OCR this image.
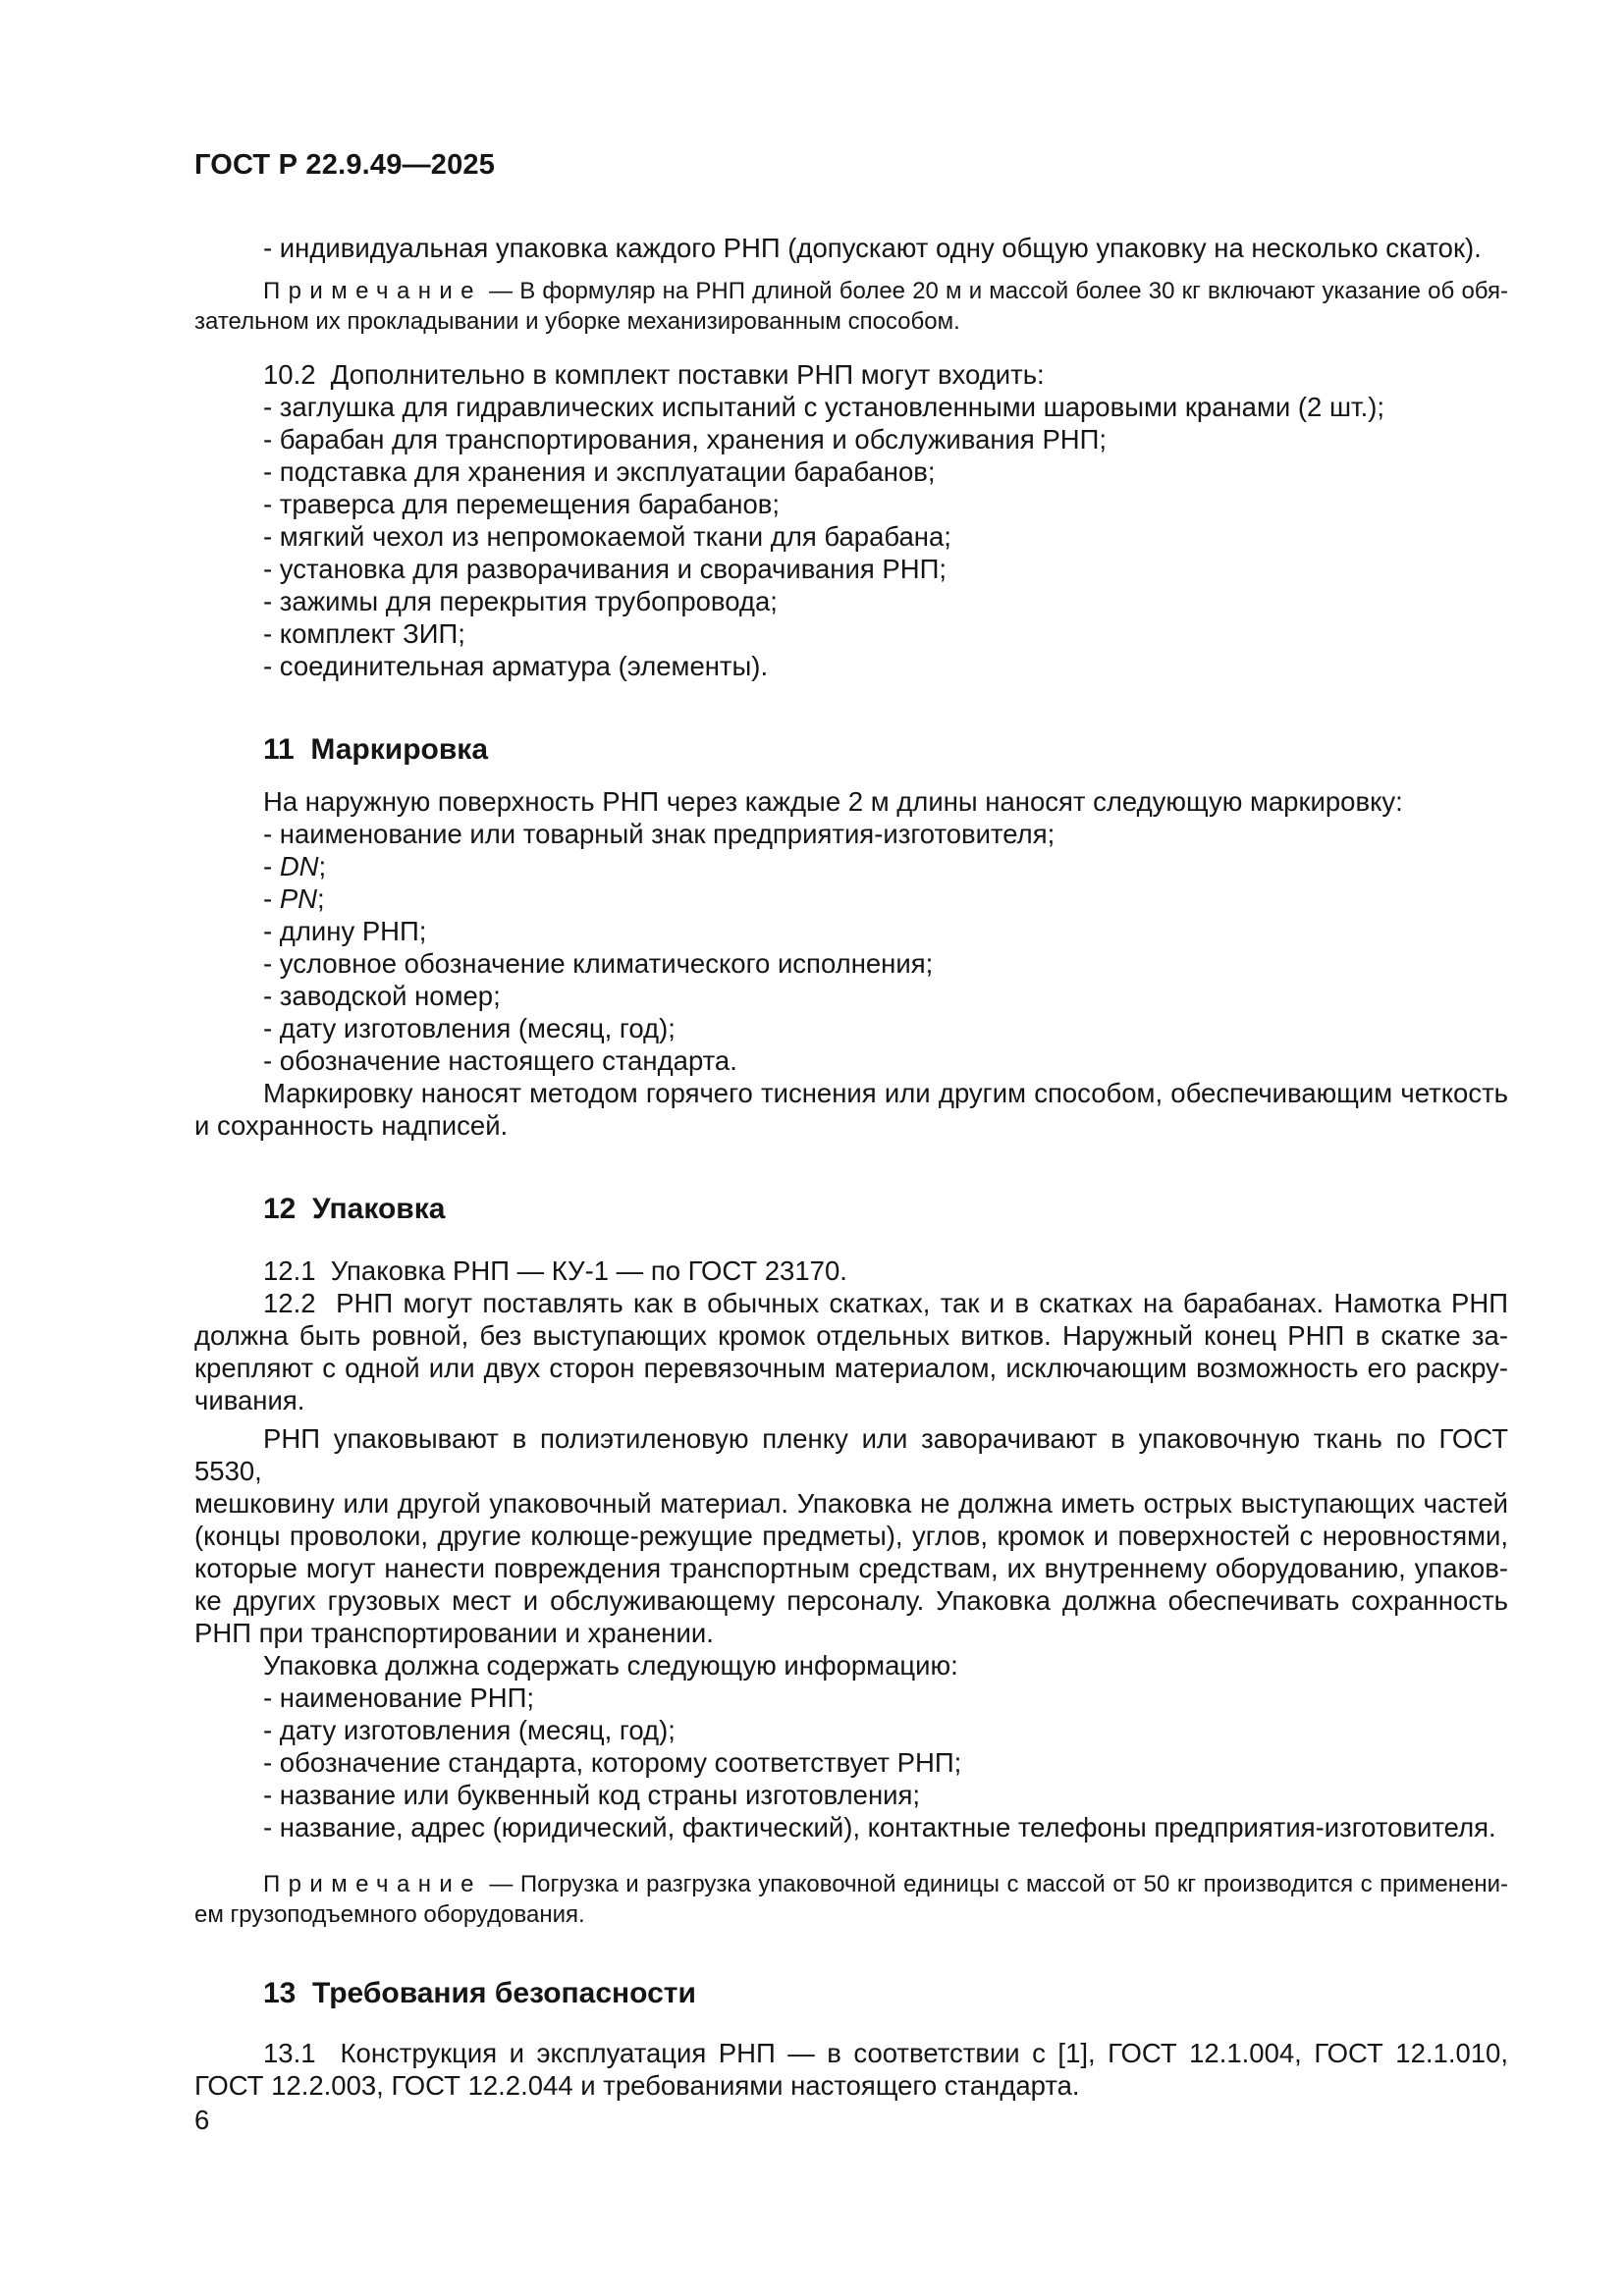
ГОСТ Р 22.9.49—2025
- индивидуальная упаковка каждого РНП (допускают одну общую упаковку на несколько скаток).
Примечание — В формуляр на РНП длиной более 20 м и массой более 30 кг включают указание об обя-
зательном их прокладывании и уборке механизированным способом.
10.2  Дополнительно в комплект поставки РНП могут входить:
- заглушка для гидравлических испытаний с установленными шаровыми кранами (2 шт.);
- барабан для транспортирования, хранения и обслуживания РНП;
- подставка для хранения и эксплуатации барабанов;
- траверса для перемещения барабанов;
- мягкий чехол из непромокаемой ткани для барабана;
- установка для разворачивания и сворачивания РНП;
- зажимы для перекрытия трубопровода;
- комплект ЗИП;
- соединительная арматура (элементы).
11  Маркировка
На наружную поверхность РНП через каждые 2 м длины наносят следующую маркировку:
- наименование или товарный знак предприятия-изготовителя;
- DN;
- PN;
- длину РНП;
- условное обозначение климатического исполнения;
- заводской номер;
- дату изготовления (месяц, год);
- обозначение настоящего стандарта.
Маркировку наносят методом горячего тиснения или другим способом, обеспечивающим четкость
и сохранность надписей.
12  Упаковка
12.1  Упаковка РНП — КУ-1 — по ГОСТ 23170.
12.2  РНП могут поставлять как в обычных скатках, так и в скатках на барабанах. Намотка РНП
должна быть ровной, без выступающих кромок отдельных витков. Наружный конец РНП в скатке за-
крепляют с одной или двух сторон перевязочным материалом, исключающим возможность его раскру-
чивания.
РНП упаковывают в полиэтиленовую пленку или заворачивают в упаковочную ткань по ГОСТ 5530,
мешковину или другой упаковочный материал. Упаковка не должна иметь острых выступающих частей
(концы проволоки, другие колюще-режущие предметы), углов, кромок и поверхностей с неровностями,
которые могут нанести повреждения транспортным средствам, их внутреннему оборудованию, упаков-
ке других грузовых мест и обслуживающему персоналу. Упаковка должна обеспечивать сохранность
РНП при транспортировании и хранении.
Упаковка должна содержать следующую информацию:
- наименование РНП;
- дату изготовления (месяц, год);
- обозначение стандарта, которому соответствует РНП;
- название или буквенный код страны изготовления;
- название, адрес (юридический, фактический), контактные телефоны предприятия-изготовителя.
Примечание — Погрузка и разгрузка упаковочной единицы с массой от 50 кг производится с применени-
ем грузоподъемного оборудования.
13  Требования безопасности
13.1  Конструкция и эксплуатация РНП — в соответствии с [1], ГОСТ 12.1.004, ГОСТ 12.1.010,
ГОСТ 12.2.003, ГОСТ 12.2.044 и требованиями настоящего стандарта.
6
